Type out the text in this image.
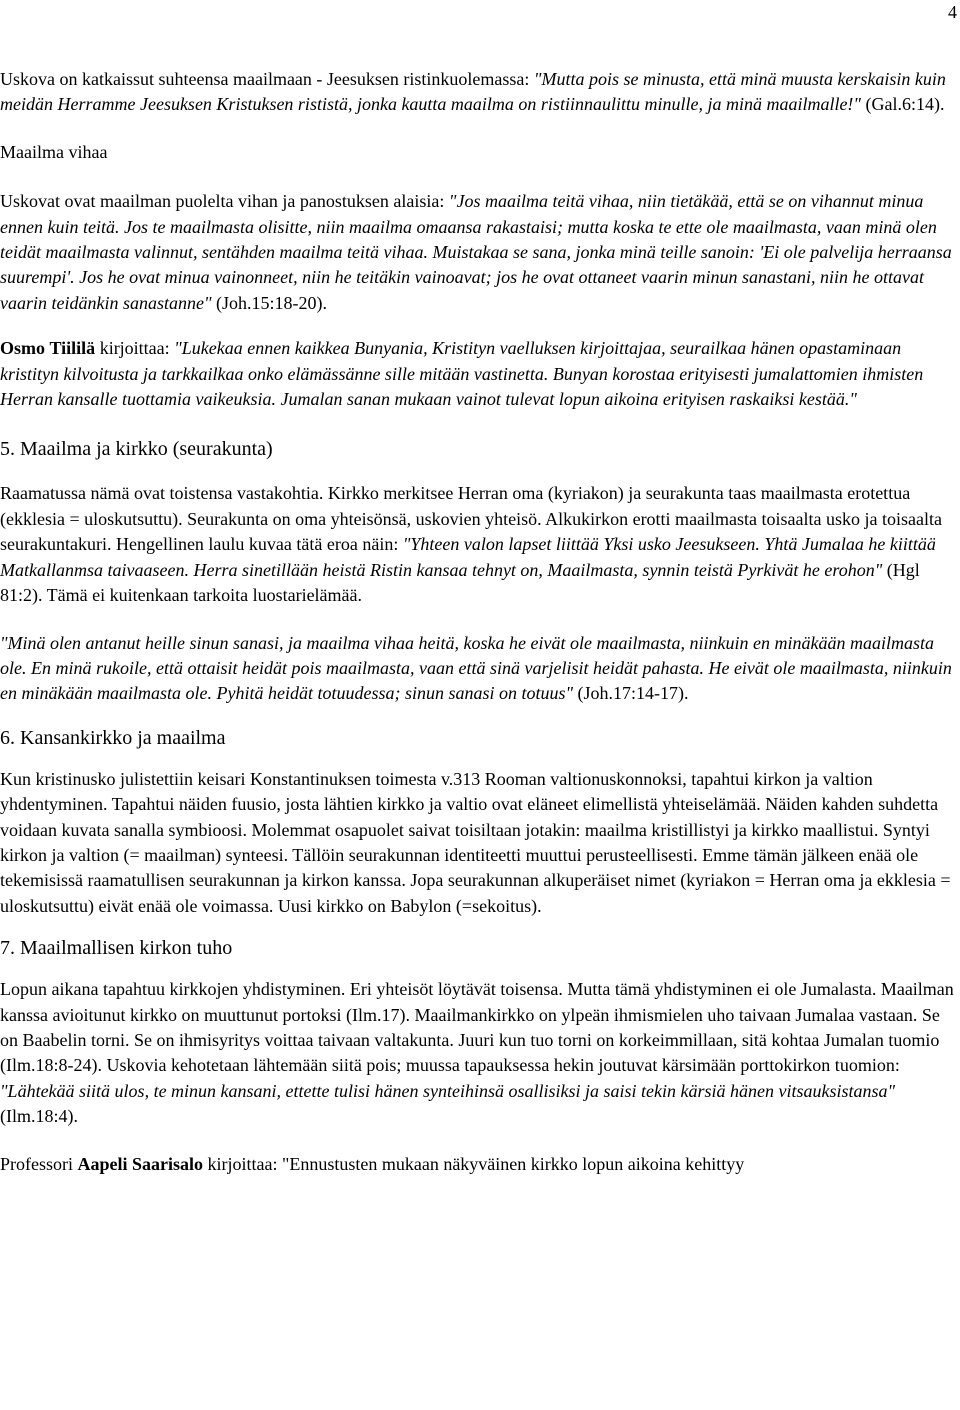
4

Uskova on katkaissut suhteensa maailmaan - Jeesuksen ristinkuolemassa: "Mutta pois se minusta, että minä muusta kerskaisin kuin meidän Herramme Jeesuksen Kristuksen rististä, jonka kautta maailma on ristiinnaulittu minulle, ja minä maailmalle!" (Gal.6:14).

Maailma vihaa

Uskovat ovat maailman puolelta vihan ja panostuksen alaisia: "Jos maailma teitä vihaa, niin tietäkää, että se on vihannut minua ennen kuin teitä. Jos te maailmasta olisitte, niin maailma omaansa rakastaisi; mutta koska te ette ole maailmasta, vaan minä olen teidät maailmasta valinnut, sentähden maailma teitä vihaa. Muistakaa se sana, jonka minä teille sanoin: 'Ei ole palvelija herraansa suurempi'. Jos he ovat minua vainonneet, niin he teitäkin vainoavat; jos he ovat ottaneet vaarin minun sanastani, niin he ottavat vaarin teidänkin sanastanne" (Joh.15:18-20).

Osmo Tiililä kirjoittaa: "Lukekaa ennen kaikkea Bunyania, Kristityn vaelluksen kirjoittajaa, seurailkaa hänen opastaminaan kristityn kilvoitusta ja tarkkailkaa onko elämässänne sille mitään vastinetta. Bunyan korostaa erityisesti jumalattomien ihmisten Herran kansalle tuottamia vaikeuksia. Jumalan sanan mukaan vainot tulevat lopun aikoina erityisen raskaiksi kestää."

5. Maailma ja kirkko (seurakunta)

Raamatussa nämä ovat toistensa vastakohtia. Kirkko merkitsee Herran oma (kyriakon) ja seurakunta taas maailmasta erotettua (ekklesia = uloskutsuttu). Seurakunta on oma yhteisönsä, uskovien yhteisö. Alkukirkon erotti maailmasta toisaalta usko ja toisaalta seurakuntakuri. Hengellinen laulu kuvaa tätä eroa näin: "Yhteen valon lapset liittää Yksi usko Jeesukseen. Yhtä Jumalaa he kiittää Matkallanmsa taivaaseen. Herra sinetillään heistä Ristin kansaa tehnyt on, Maailmasta, synnin teistä Pyrkivät he erohon" (Hgl 81:2). Tämä ei kuitenkaan tarkoita luostarielämää.

"Minä olen antanut heille sinun sanasi, ja maailma vihaa heitä, koska he eivät ole maailmasta, niinkuin en minäkään maailmasta ole. En minä rukoile, että ottaisit heidät pois maailmasta, vaan että sinä varjelisit heidät pahasta. He eivät ole maailmasta, niinkuin en minäkään maailmasta ole. Pyhitä heidät totuudessa; sinun sanasi on totuus" (Joh.17:14-17).

6. Kansankirkko ja maailma

Kun kristinusko julistettiin keisari Konstantinuksen toimesta v.313 Rooman valtionuskonnoksi, tapahtui kirkon ja valtion yhdentyminen. Tapahtui näiden fuusio, josta lähtien kirkko ja valtio ovat eläneet elimellistä yhteiselämää. Näiden kahden suhdetta voidaan kuvata sanalla symbioosi. Molemmat osapuolet saivat toisiltaan jotakin: maailma kristillistyi ja kirkko maallistui. Syntyi kirkon ja valtion (= maailman) synteesi. Tällöin seurakunnan identiteetti muuttui perusteellisesti. Emme tämän jälkeen enää ole tekemisissä raamatullisen seurakunnan ja kirkon kanssa. Jopa seurakunnan alkuperäiset nimet (kyriakon = Herran oma ja ekklesia = uloskutsuttu) eivät enää ole voimassa. Uusi kirkko on Babylon (=sekoitus).

7. Maailmallisen kirkon tuho

Lopun aikana tapahtuu kirkkojen yhdistyminen. Eri yhteisöt löytävät toisensa. Mutta tämä yhdistyminen ei ole Jumalasta. Maailman kanssa avioitunut kirkko on muuttunut portoksi (Ilm.17). Maailmankirkko on ylpeän ihmismielen uho taivaan Jumalaa vastaan. Se on Baabelin torni. Se on ihmisyritys voittaa taivaan valtakunta. Juuri kun tuo torni on korkeimmillaan, sitä kohtaa Jumalan tuomio (Ilm.18:8-24). Uskovia kehotetaan lähtemään siitä pois; muussa tapauksessa hekin joutuvat kärsimään porttokirkon tuomion: "Lähtekää siitä ulos, te minun kansani, ettette tulisi hänen synteihinsä osallisiksi ja saisi tekin kärsiä hänen vitsauksistansa" (Ilm.18:4).

Professori Aapeli Saarisalo kirjoittaa: "Ennustusten mukaan näkyväinen kirkko lopun aikoina kehittyy
